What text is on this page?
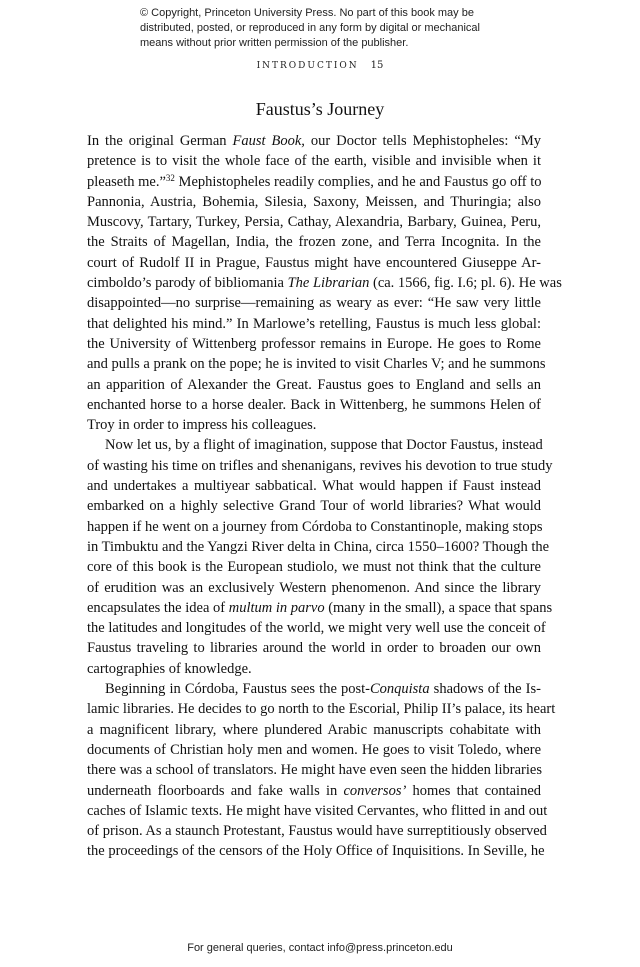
© Copyright, Princeton University Press. No part of this book may be
distributed, posted, or reproduced in any form by digital or mechanical
means without prior written permission of the publisher.
INTRODUCTION 15
Faustus’s Journey
In the original German Faust Book, our Doctor tells Mephistopheles: “My
pretence is to visit the whole face of the earth, visible and invisible when it
pleaseth me.”$^{32}$ Mephistopheles readily complies, and he and Faustus go off to
Pannonia, Austria, Bohemia, Silesia, Saxony, Meissen, and Thuringia; also
Muscovy, Tartary, Turkey, Persia, Cathay, Alexandria, Barbary, Guinea, Peru,
the Straits of Magellan, India, the frozen zone, and Terra Incognita. In the
court of Rudolf II in Prague, Faustus might have encountered Giuseppe Ar-
cimboldo’s parody of bibliomania The Librarian (ca. 1566, fig. I.6; pl. 6). He was
disappointed—no surprise—remaining as weary as ever: “He saw very little
that delighted his mind.” In Marlowe’s retelling, Faustus is much less global:
the University of Wittenberg professor remains in Europe. He goes to Rome
and pulls a prank on the pope; he is invited to visit Charles V; and he summons
an apparition of Alexander the Great. Faustus goes to England and sells an
enchanted horse to a horse dealer. Back in Wittenberg, he summons Helen of
Troy in order to impress his colleagues.
Now let us, by a flight of imagination, suppose that Doctor Faustus, instead
of wasting his time on trifles and shenanigans, revives his devotion to true study
and undertakes a multiyear sabbatical. What would happen if Faust instead
embarked on a highly selective Grand Tour of world libraries? What would
happen if he went on a journey from Córdoba to Constantinople, making stops
in Timbuktu and the Yangzi River delta in China, circa 1550–1600? Though the
core of this book is the European studiolo, we must not think that the culture
of erudition was an exclusively Western phenomenon. And since the library
encapsulates the idea of multum in parvo (many in the small), a space that spans
the latitudes and longitudes of the world, we might very well use the conceit of
Faustus traveling to libraries around the world in order to broaden our own
cartographies of knowledge.
Beginning in Córdoba, Faustus sees the post-Conquista shadows of the Is-
lamic libraries. He decides to go north to the Escorial, Philip II’s palace, its heart
a magnificent library, where plundered Arabic manuscripts cohabitate with
documents of Christian holy men and women. He goes to visit Toledo, where
there was a school of translators. He might have even seen the hidden libraries
underneath floorboards and fake walls in conversos’ homes that contained
caches of Islamic texts. He might have visited Cervantes, who flitted in and out
of prison. As a staunch Protestant, Faustus would have surreptitiously observed
the proceedings of the censors of the Holy Office of Inquisitions. In Seville, he
For general queries, contact info@press.princeton.edu
